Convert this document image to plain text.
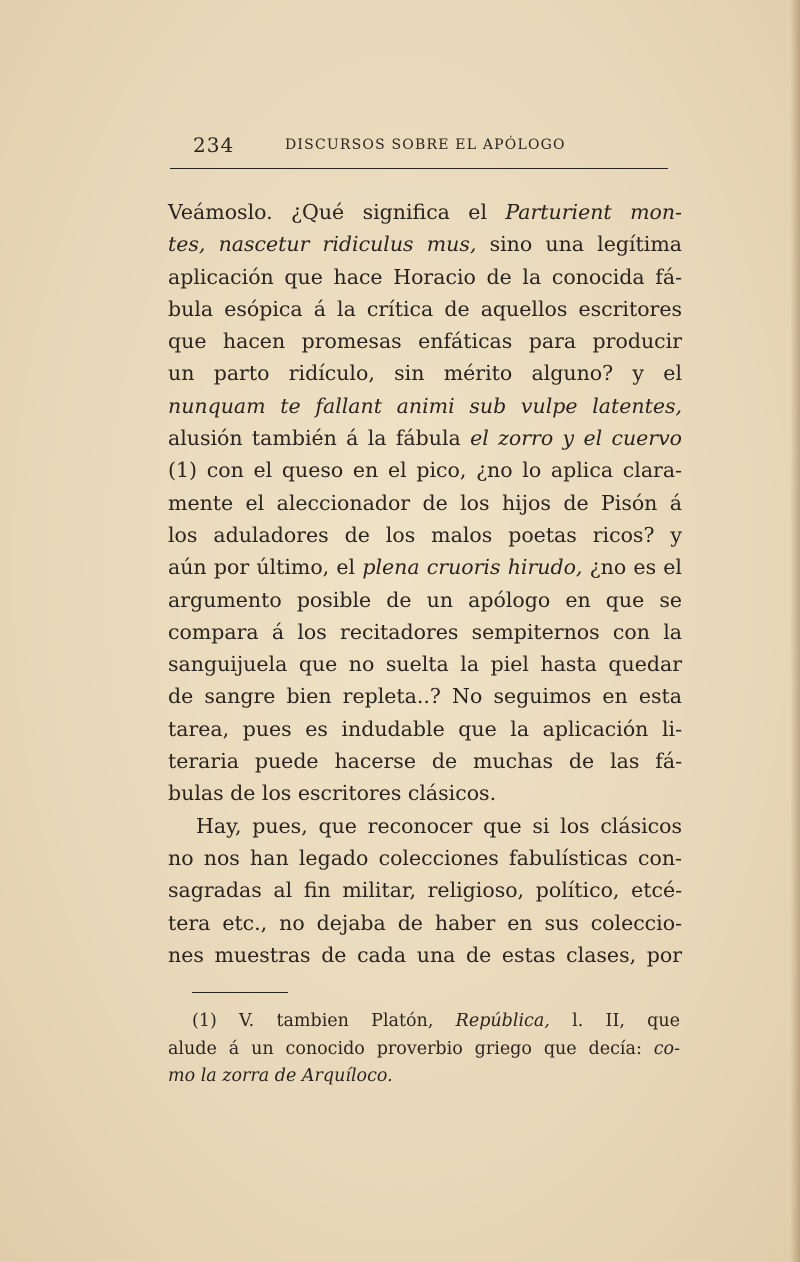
234	DISCURSOS SOBRE EL APÓLOGO
Veámoslo. ¿Qué significa el Parturient mon-
tes, nascetur ridiculus mus, sino una legítima
aplicación que hace Horacio de la conocida fá-
bula esópica á la crítica de aquellos escritores
que hacen promesas enfáticas para producir
un parto ridículo, sin mérito alguno? y el
nunquam te fallant animi sub vulpe latentes,
alusión también á la fábula el zorro y el cuervo
(1) con el queso en el pico, ¿no lo aplica clara-
mente el aleccionador de los hijos de Pisón á
los aduladores de los malos poetas ricos? y
aún por último, el plena cruoris hirudo, ¿no es el
argumento posible de un apólogo en que se
compara á los recitadores sempiternos con la
sanguijuela que no suelta la piel hasta quedar
de sangre bien repleta..? No seguimos en esta
tarea, pues es indudable que la aplicación li-
teraria puede hacerse de muchas de las fá-
bulas de los escritores clásicos.
Hay, pues, que reconocer que si los clásicos
no nos han legado colecciones fabulísticas con-
sagradas al fin militar, religioso, político, etcé-
tera etc., no dejaba de haber en sus coleccio-
nes muestras de cada una de estas clases, por
(1) V. tambien Platón, República, l. II, que
alude á un conocido proverbio griego que decía: co-
mo la zorra de Arquíloco.
